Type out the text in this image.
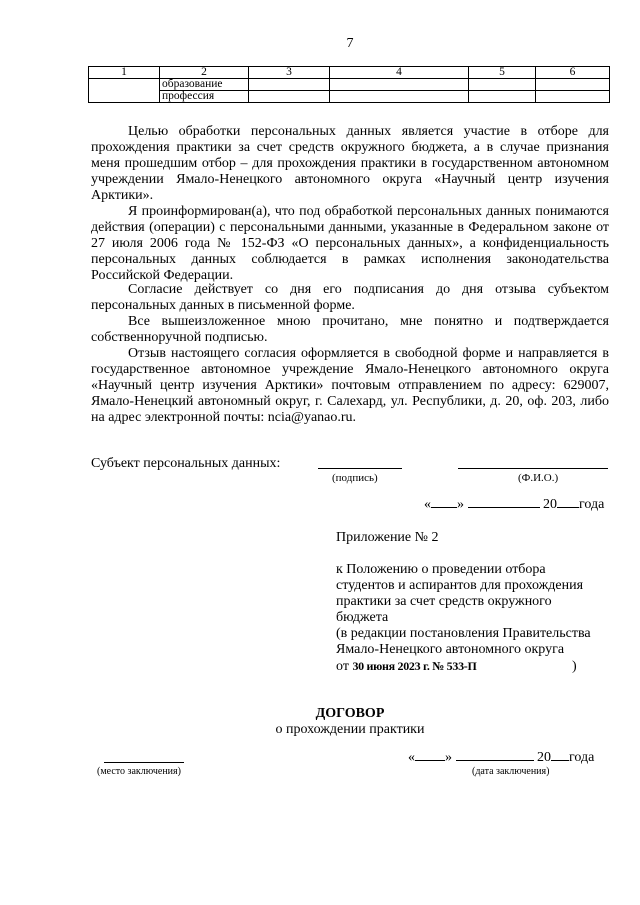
7
1	2	3	4	5	6
	образование				
	профессия				

Целью обработки персональных данных является участие в отборе для прохождения практики за счет средств окружного бюджета, а в случае признания меня прошедшим отбор – для прохождения практики в государственном автономном учреждении Ямало-Ненецкого автономного округа «Научный центр изучения Арктики».

Я проинформирован(а), что под обработкой персональных данных понимаются действия (операции) с персональными данными, указанные в Федеральном законе от 27 июля 2006 года № 152-ФЗ «О персональных данных», а конфиденциальность персональных данных соблюдается в рамках исполнения законодательства Российской Федерации.

Согласие действует со дня его подписания до дня отзыва субъектом персональных данных в письменной форме.

Все вышеизложенное мною прочитано, мне понятно и подтверждается собственноручной подписью.

Отзыв настоящего согласия оформляется в свободной форме и направляется в государственное автономное учреждение Ямало-Ненецкого автономного округа «Научный центр изучения Арктики» почтовым отправлением по адресу: 629007, Ямало-Ненецкий автономный округ, г. Салехард, ул. Республики, д. 20, оф. 203, либо на адрес электронной почты: ncia@yanao.ru.

Субъект персональных данных:
(подпись)	(Ф.И.О.)
« »	20 года
Приложение № 2
к Положению о проведении отбора
студентов и аспирантов для прохождения
практики за счет средств окружного
бюджета
(в редакции постановления Правительства
Ямало-Ненецкого автономного округа
от 30 июня 2023 г. № 533-П	)
ДОГОВОР
о прохождении практики
(место заключения)
« »	20 года
(дата заключения)
